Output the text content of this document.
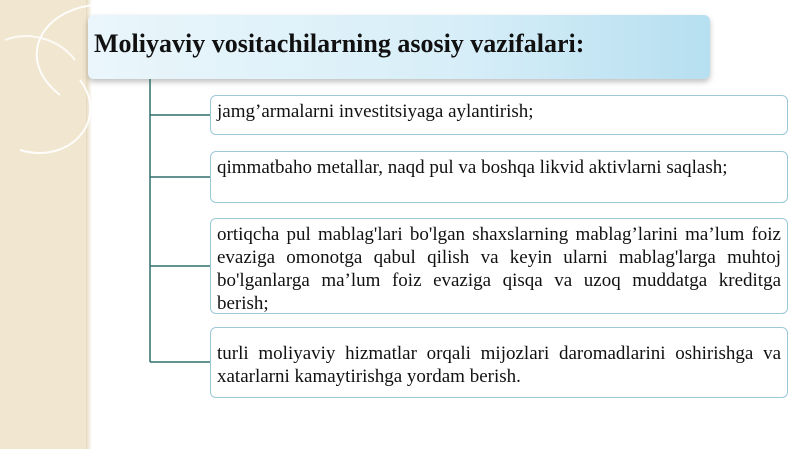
Moliyaviy vositachilarning asosiy vazifalari:
jamg’armalarni investitsiyaga aylantirish;
qimmatbaho metallar, naqd pul va boshqa likvid aktivlarni saqlash;
ortiqcha pul mablag'lari bo'lgan shaxslarning mablag’larini ma’lum foiz evaziga omonotga qabul qilish va keyin ularni mablag'larga muhtoj bo'lganlarga ma’lum foiz evaziga qisqa va uzoq muddatga kreditga berish;
turli moliyaviy hizmatlar orqali mijozlari daromadlarini oshirishga va xatarlarni kamaytirishga yordam berish.
